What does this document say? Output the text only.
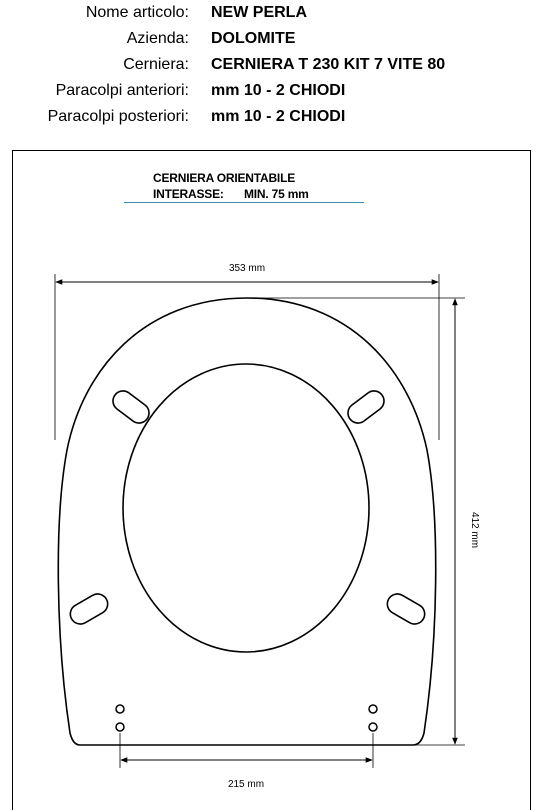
Nome articolo: NEW PERLA
Azienda: DOLOMITE
Cerniera: CERNIERA T 230 KIT 7 VITE 80
Paracolpi anteriori: mm 10 - 2 CHIODI
Paracolpi posteriori: mm 10 - 2 CHIODI
CERNIERA ORIENTABILE
INTERASSE: MIN. 75 mm
353 mm
412 mm
215 mm
